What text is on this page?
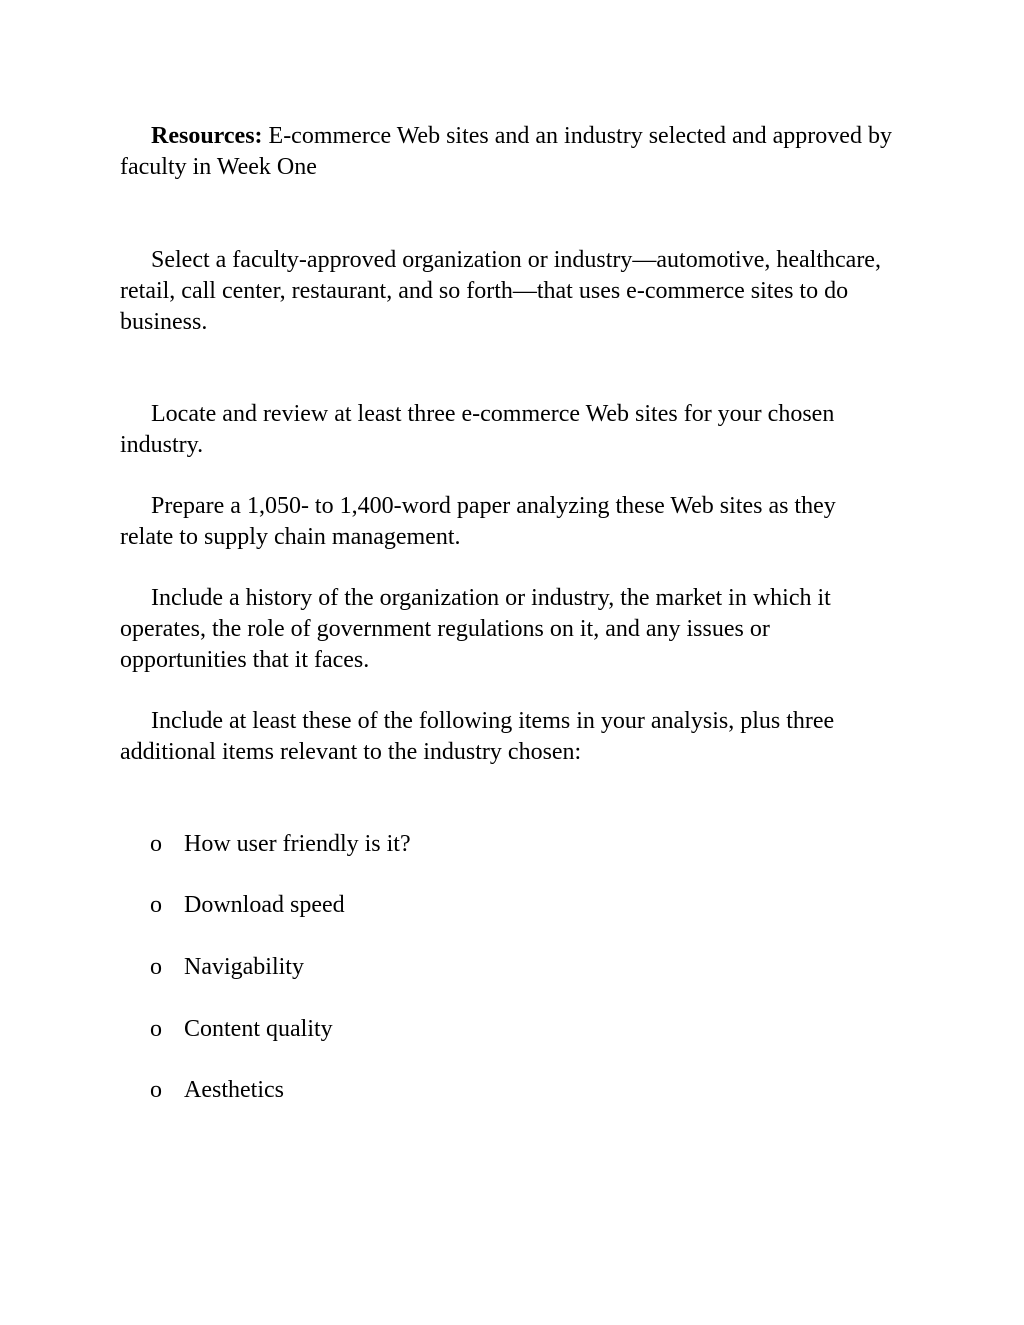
Resources: E-commerce Web sites and an industry selected and approved by faculty in Week One

Select a faculty-approved organization or industry—automotive, healthcare, retail, call center, restaurant, and so forth—that uses e-commerce sites to do business.

Locate and review at least three e-commerce Web sites for your chosen industry.

Prepare a 1,050- to 1,400-word paper analyzing these Web sites as they relate to supply chain management.

Include a history of the organization or industry, the market in which it operates, the role of government regulations on it, and any issues or opportunities that it faces.

Include at least these of the following items in your analysis, plus three additional items relevant to the industry chosen:

o How user friendly is it?
o Download speed
o Navigability
o Content quality
o Aesthetics
